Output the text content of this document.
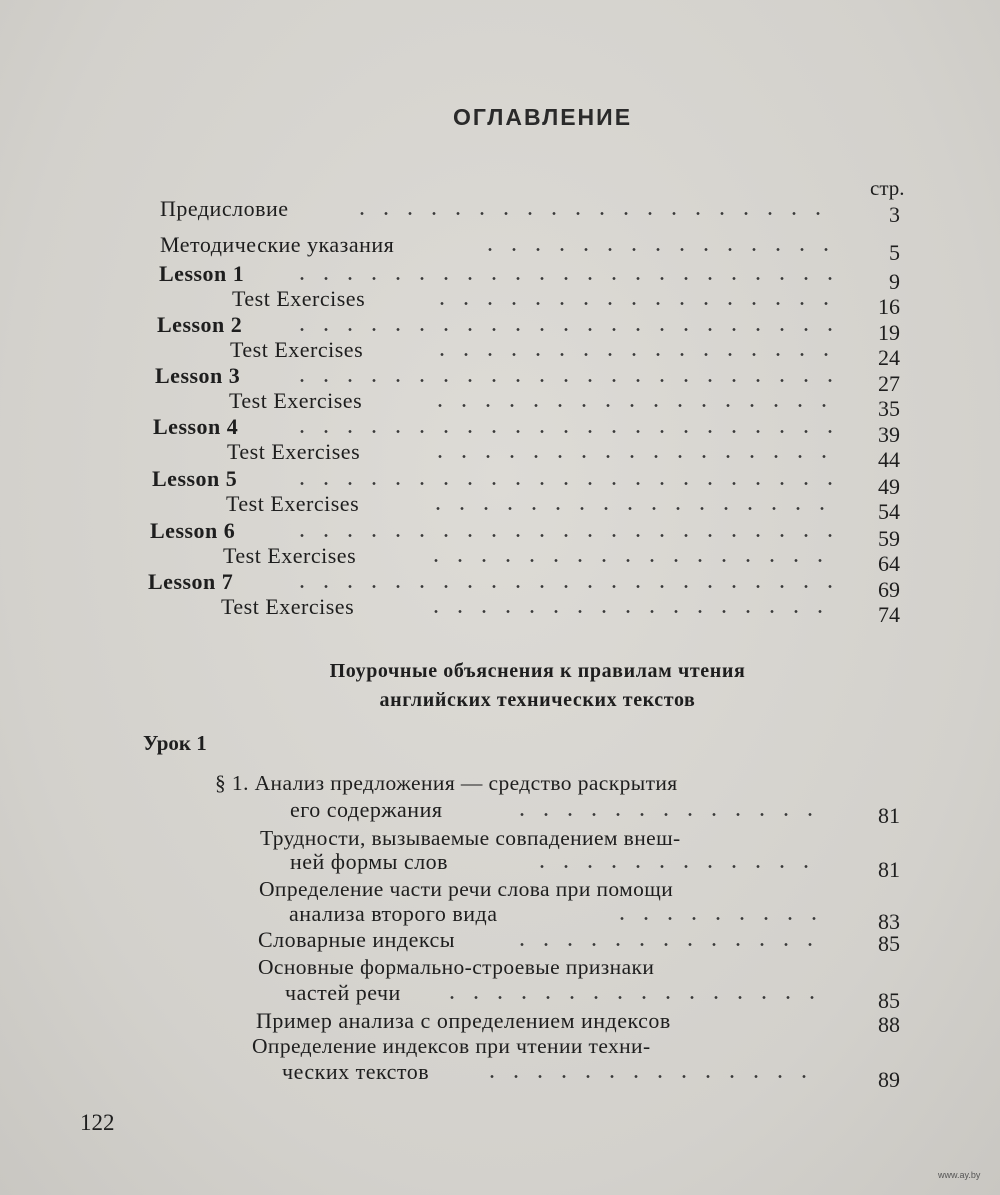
ОГЛАВЛЕНИЕ
стр.
Предисловие	3
Методические указания	5
Lesson 1	9
Test Exercises	16
Lesson 2	19
Test Exercises	24
Lesson 3	27
Test Exercises	35
Lesson 4	39
Test Exercises	44
Lesson 5	49
Test Exercises	54
Lesson 6	59
Test Exercises	64
Lesson 7	69
Test Exercises	74
Поурочные объяснения к правилам чтения
английских технических текстов
Урок 1
§ 1. Анализ предложения — средство раскрытия
его содержания	81
Трудности, вызываемые совпадением внеш-
ней формы слов	81
Определение части речи слова при помощи
анализа второго вида	83
Словарные индексы	85
Основные формально-строевые признаки
частей речи	85
Пример анализа с определением индексов	88
Определение индексов при чтении техни-
ческих текстов	89
122
www.ay.by
